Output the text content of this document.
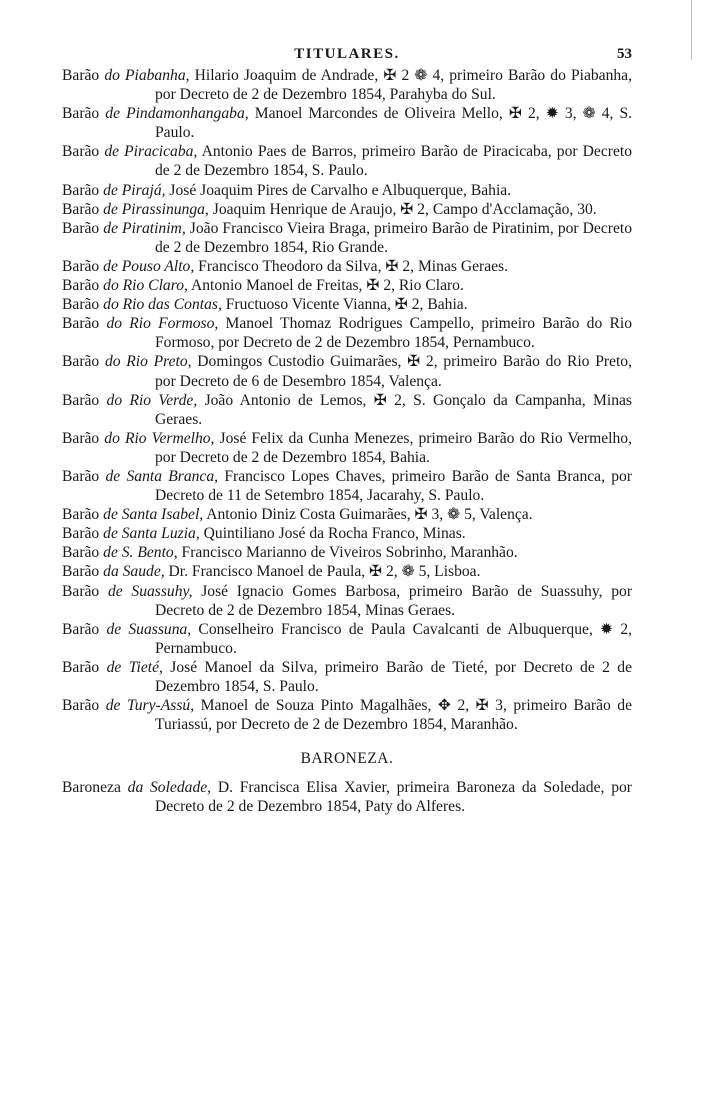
TITULARES.	53
Barão do Piabanha, Hilario Joaquim de Andrade, ✠ 2 ❁ 4, primeiro Barão do Piabanha, por Decreto de 2 de Dezembro 1854, Parahyba do Sul.
Barão de Pindamonhangaba, Manoel Marcondes de Oliveira Mello, ✠ 2, ✹ 3, ❁ 4, S. Paulo.
Barão de Piracicaba, Antonio Paes de Barros, primeiro Barão de Piracicaba, por Decreto de 2 de Dezembro 1854, S. Paulo.
Barão de Pirajá, José Joaquim Pires de Carvalho e Albuquerque, Bahia.
Barão de Pirassinunga, Joaquim Henrique de Araujo, ✠ 2, Campo d'Acclamação, 30.
Barão de Piratinim, João Francisco Vieira Braga, primeiro Barão de Piratinim, por Decreto de 2 de Dezembro 1854, Rio Grande.
Barão de Pouso Alto, Francisco Theodoro da Silva, ✠ 2, Minas Geraes.
Barão do Rio Claro, Antonio Manoel de Freitas, ✠ 2, Rio Claro.
Barão do Rio das Contas, Fructuoso Vicente Vianna, ✠ 2, Bahia.
Barão do Rio Formoso, Manoel Thomaz Rodrigues Campello, primeiro Barão do Rio Formoso, por Decreto de 2 de Dezembro 1854, Pernambuco.
Barão do Rio Preto, Domingos Custodio Guimarães, ✠ 2, primeiro Barão do Rio Preto, por Decreto de 6 de Desembro 1854, Valença.
Barão do Rio Verde, João Antonio de Lemos, ✠ 2, S. Gonçalo da Campanha, Minas Geraes.
Barão do Rio Vermelho, José Felix da Cunha Menezes, primeiro Barão do Rio Vermelho, por Decreto de 2 de Dezembro 1854, Bahia.
Barão de Santa Branca, Francisco Lopes Chaves, primeiro Barão de Santa Branca, por Decreto de 11 de Setembro 1854, Jacarahy, S. Paulo.
Barão de Santa Isabel, Antonio Diniz Costa Guimarães, ✠ 3, ❁ 5, Valença.
Barão de Santa Luzia, Quintiliano José da Rocha Franco, Minas.
Barão de S. Bento, Francisco Marianno de Viveiros Sobrinho, Maranhão.
Barão da Saude, Dr. Francisco Manoel de Paula, ✠ 2, ❁ 5, Lisboa.
Barão de Suassuhy, José Ignacio Gomes Barbosa, primeiro Barão de Suassuhy, por Decreto de 2 de Dezembro 1854, Minas Geraes.
Barão de Suassuna, Conselheiro Francisco de Paula Cavalcanti de Albuquerque, ✹ 2, Pernambuco.
Barão de Tieté, José Manoel da Silva, primeiro Barão de Tieté, por Decreto de 2 de Dezembro 1854, S. Paulo.
Barão de Tury-Assú, Manoel de Souza Pinto Magalhães, ✥ 2, ✠ 3, primeiro Barão de Turiassú, por Decreto de 2 de Dezembro 1854, Maranhão.
BARONEZA.
Baroneza da Soledade, D. Francisca Elisa Xavier, primeira Baroneza da Soledade, por Decreto de 2 de Dezembro 1854, Paty do Alferes.
